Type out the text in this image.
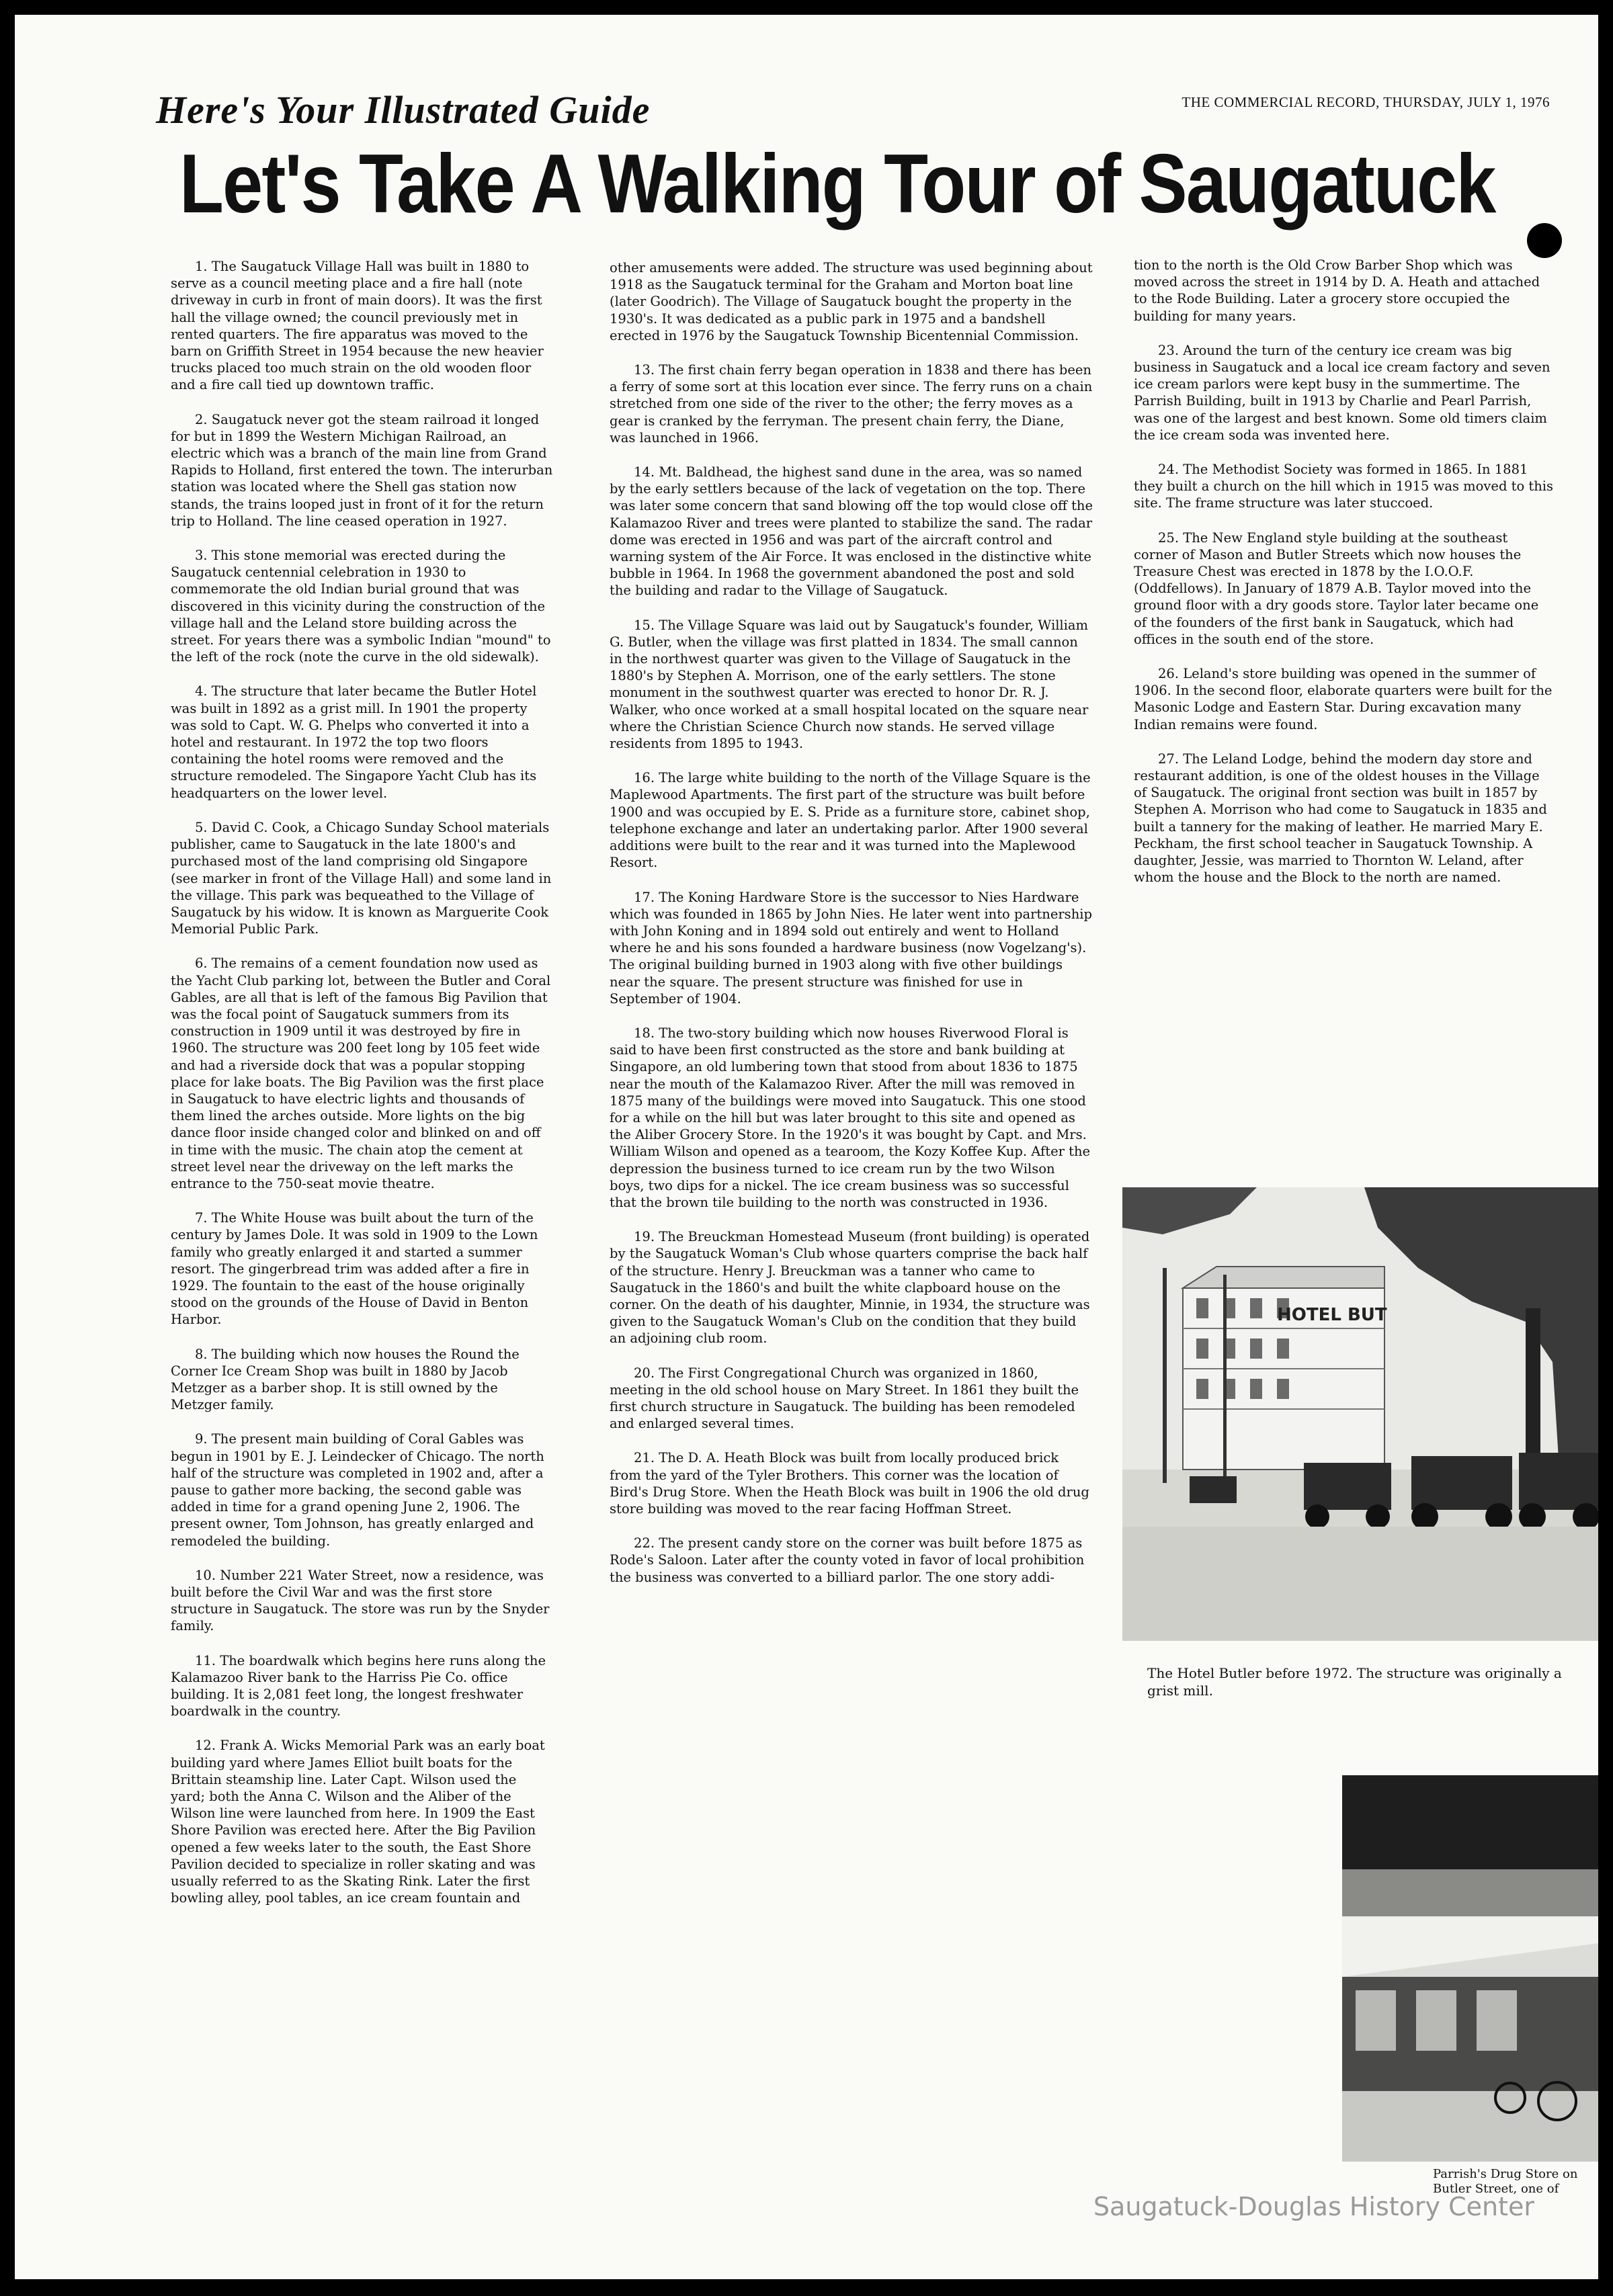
Here's Your Illustrated Guide	THE COMMERCIAL RECORD, THURSDAY, JULY 1, 1976
Let's Take A Walking Tour of Saugatuck

1. The Saugatuck Village Hall was built in 1880 to serve as a council meeting place and a fire hall (note driveway in curb in front of main doors). It was the first hall the village owned; the council previously met in rented quarters. The fire apparatus was moved to the barn on Griffith Street in 1954 because the new heavier trucks placed too much strain on the old wooden floor and a fire call tied up downtown traffic.

2. Saugatuck never got the steam railroad it longed for but in 1899 the Western Michigan Railroad, an electric which was a branch of the main line from Grand Rapids to Holland, first entered the town. The interurban station was located where the Shell gas station now stands, the trains looped just in front of it for the return trip to Holland. The line ceased operation in 1927.

3. This stone memorial was erected during the Saugatuck centennial celebration in 1930 to commemorate the old Indian burial ground that was discovered in this vicinity during the construction of the village hall and the Leland store building across the street. For years there was a symbolic Indian "mound" to the left of the rock (note the curve in the old sidewalk).

4. The structure that later became the Butler Hotel was built in 1892 as a grist mill. In 1901 the property was sold to Capt. W. G. Phelps who converted it into a hotel and restaurant. In 1972 the top two floors containing the hotel rooms were removed and the structure remodeled. The Singapore Yacht Club has its headquarters on the lower level.

5. David C. Cook, a Chicago Sunday School materials publisher, came to Saugatuck in the late 1800's and purchased most of the land comprising old Singapore (see marker in front of the Village Hall) and some land in the village. This park was bequeathed to the Village of Saugatuck by his widow. It is known as Marguerite Cook Memorial Public Park.

6. The remains of a cement foundation now used as the Yacht Club parking lot, between the Butler and Coral Gables, are all that is left of the famous Big Pavilion that was the focal point of Saugatuck summers from its construction in 1909 until it was destroyed by fire in 1960. The structure was 200 feet long by 105 feet wide and had a riverside dock that was a popular stopping place for lake boats. The Big Pavilion was the first place in Saugatuck to have electric lights and thousands of them lined the arches outside. More lights on the big dance floor inside changed color and blinked on and off in time with the music. The chain atop the cement at street level near the driveway on the left marks the entrance to the 750-seat movie theatre.

7. The White House was built about the turn of the century by James Dole. It was sold in 1909 to the Lown family who greatly enlarged it and started a summer resort. The gingerbread trim was added after a fire in 1929. The fountain to the east of the house originally stood on the grounds of the House of David in Benton Harbor.

8. The building which now houses the Round the Corner Ice Cream Shop was built in 1880 by Jacob Metzger as a barber shop. It is still owned by the Metzger family.

9. The present main building of Coral Gables was begun in 1901 by E. J. Leindecker of Chicago. The north half of the structure was completed in 1902 and, after a pause to gather more backing, the second gable was added in time for a grand opening June 2, 1906. The present owner, Tom Johnson, has greatly enlarged and remodeled the building.

10. Number 221 Water Street, now a residence, was built before the Civil War and was the first store structure in Saugatuck. The store was run by the Snyder family.

11. The boardwalk which begins here runs along the Kalamazoo River bank to the Harriss Pie Co. office building. It is 2,081 feet long, the longest freshwater boardwalk in the country.

12. Frank A. Wicks Memorial Park was an early boat building yard where James Elliot built boats for the Brittain steamship line. Later Capt. Wilson used the yard; both the Anna C. Wilson and the Aliber of the Wilson line were launched from here. In 1909 the East Shore Pavilion was erected here. After the Big Pavilion opened a few weeks later to the south, the East Shore Pavilion decided to specialize in roller skating and was usually referred to as the Skating Rink. Later the first bowling alley, pool tables, an ice cream fountain and

other amusements were added. The structure was used beginning about 1918 as the Saugatuck terminal for the Graham and Morton boat line (later Goodrich). The Village of Saugatuck bought the property in the 1930's. It was dedicated as a public park in 1975 and a bandshell erected in 1976 by the Saugatuck Township Bicentennial Commission.

13. The first chain ferry began operation in 1838 and there has been a ferry of some sort at this location ever since. The ferry runs on a chain stretched from one side of the river to the other; the ferry moves as a gear is cranked by the ferryman. The present chain ferry, the Diane, was launched in 1966.

14. Mt. Baldhead, the highest sand dune in the area, was so named by the early settlers because of the lack of vegetation on the top. There was later some concern that sand blowing off the top would close off the Kalamazoo River and trees were planted to stabilize the sand. The radar dome was erected in 1956 and was part of the aircraft control and warning system of the Air Force. It was enclosed in the distinctive white bubble in 1964. In 1968 the government abandoned the post and sold the building and radar to the Village of Saugatuck.

15. The Village Square was laid out by Saugatuck's founder, William G. Butler, when the village was first platted in 1834. The small cannon in the northwest quarter was given to the Village of Saugatuck in the 1880's by Stephen A. Morrison, one of the early settlers. The stone monument in the southwest quarter was erected to honor Dr. R. J. Walker, who once worked at a small hospital located on the square near where the Christian Science Church now stands. He served village residents from 1895 to 1943.

16. The large white building to the north of the Village Square is the Maplewood Apartments. The first part of the structure was built before 1900 and was occupied by E. S. Pride as a furniture store, cabinet shop, telephone exchange and later an undertaking parlor. After 1900 several additions were built to the rear and it was turned into the Maplewood Resort.

17. The Koning Hardware Store is the successor to Nies Hardware which was founded in 1865 by John Nies. He later went into partnership with John Koning and in 1894 sold out entirely and went to Holland where he and his sons founded a hardware business (now Vogelzang's). The original building burned in 1903 along with five other buildings near the square. The present structure was finished for use in September of 1904.

18. The two-story building which now houses Riverwood Floral is said to have been first constructed as the store and bank building at Singapore, an old lumbering town that stood from about 1836 to 1875 near the mouth of the Kalamazoo River. After the mill was removed in 1875 many of the buildings were moved into Saugatuck. This one stood for a while on the hill but was later brought to this site and opened as the Aliber Grocery Store. In the 1920's it was bought by Capt. and Mrs. William Wilson and opened as a tearoom, the Kozy Koffee Kup. After the depression the business turned to ice cream run by the two Wilson boys, two dips for a nickel. The ice cream business was so successful that the brown tile building to the north was constructed in 1936.

19. The Breuckman Homestead Museum (front building) is operated by the Saugatuck Woman's Club whose quarters comprise the back half of the structure. Henry J. Breuckman was a tanner who came to Saugatuck in the 1860's and built the white clapboard house on the corner. On the death of his daughter, Minnie, in 1934, the structure was given to the Saugatuck Woman's Club on the condition that they build an adjoining club room.

20. The First Congregational Church was organized in 1860, meeting in the old school house on Mary Street. In 1861 they built the first church structure in Saugatuck. The building has been remodeled and enlarged several times.

21. The D. A. Heath Block was built from locally produced brick from the yard of the Tyler Brothers. This corner was the location of Bird's Drug Store. When the Heath Block was built in 1906 the old drug store building was moved to the rear facing Hoffman Street.

22. The present candy store on the corner was built before 1875 as Rode's Saloon. Later after the county voted in favor of local prohibition the business was converted to a billiard parlor. The one story addi-

tion to the north is the Old Crow Barber Shop which was moved across the street in 1914 by D. A. Heath and attached to the Rode Building. Later a grocery store occupied the building for many years.

23. Around the turn of the century ice cream was big business in Saugatuck and a local ice cream factory and seven ice cream parlors were kept busy in the summertime. The Parrish Building, built in 1913 by Charlie and Pearl Parrish, was one of the largest and best known. Some old timers claim the ice cream soda was invented here.

24. The Methodist Society was formed in 1865. In 1881 they built a church on the hill which in 1915 was moved to this site. The frame structure was later stuccoed.

25. The New England style building at the southeast corner of Mason and Butler Streets which now houses the Treasure Chest was erected in 1878 by the I.O.O.F. (Oddfellows). In January of 1879 A.B. Taylor moved into the ground floor with a dry goods store. Taylor later became one of the founders of the first bank in Saugatuck, which had offices in the south end of the store.

26. Leland's store building was opened in the summer of 1906. In the second floor, elaborate quarters were built for the Masonic Lodge and Eastern Star. During excavation many Indian remains were found.

27. The Leland Lodge, behind the modern day store and restaurant addition, is one of the oldest houses in the Village of Saugatuck. The original front section was built in 1857 by Stephen A. Morrison who had come to Saugatuck in 1835 and built a tannery for the making of leather. He married Mary E. Peckham, the first school teacher in Saugatuck Township. A daughter, Jessie, was married to Thornton W. Leland, after whom the house and the Block to the north are named.

HOTEL BUT
The Hotel Butler before 1972. The structure was originally a grist mill.
Parrish's Drug Store on Butler Street, one of
Saugatuck-Douglas History Center
